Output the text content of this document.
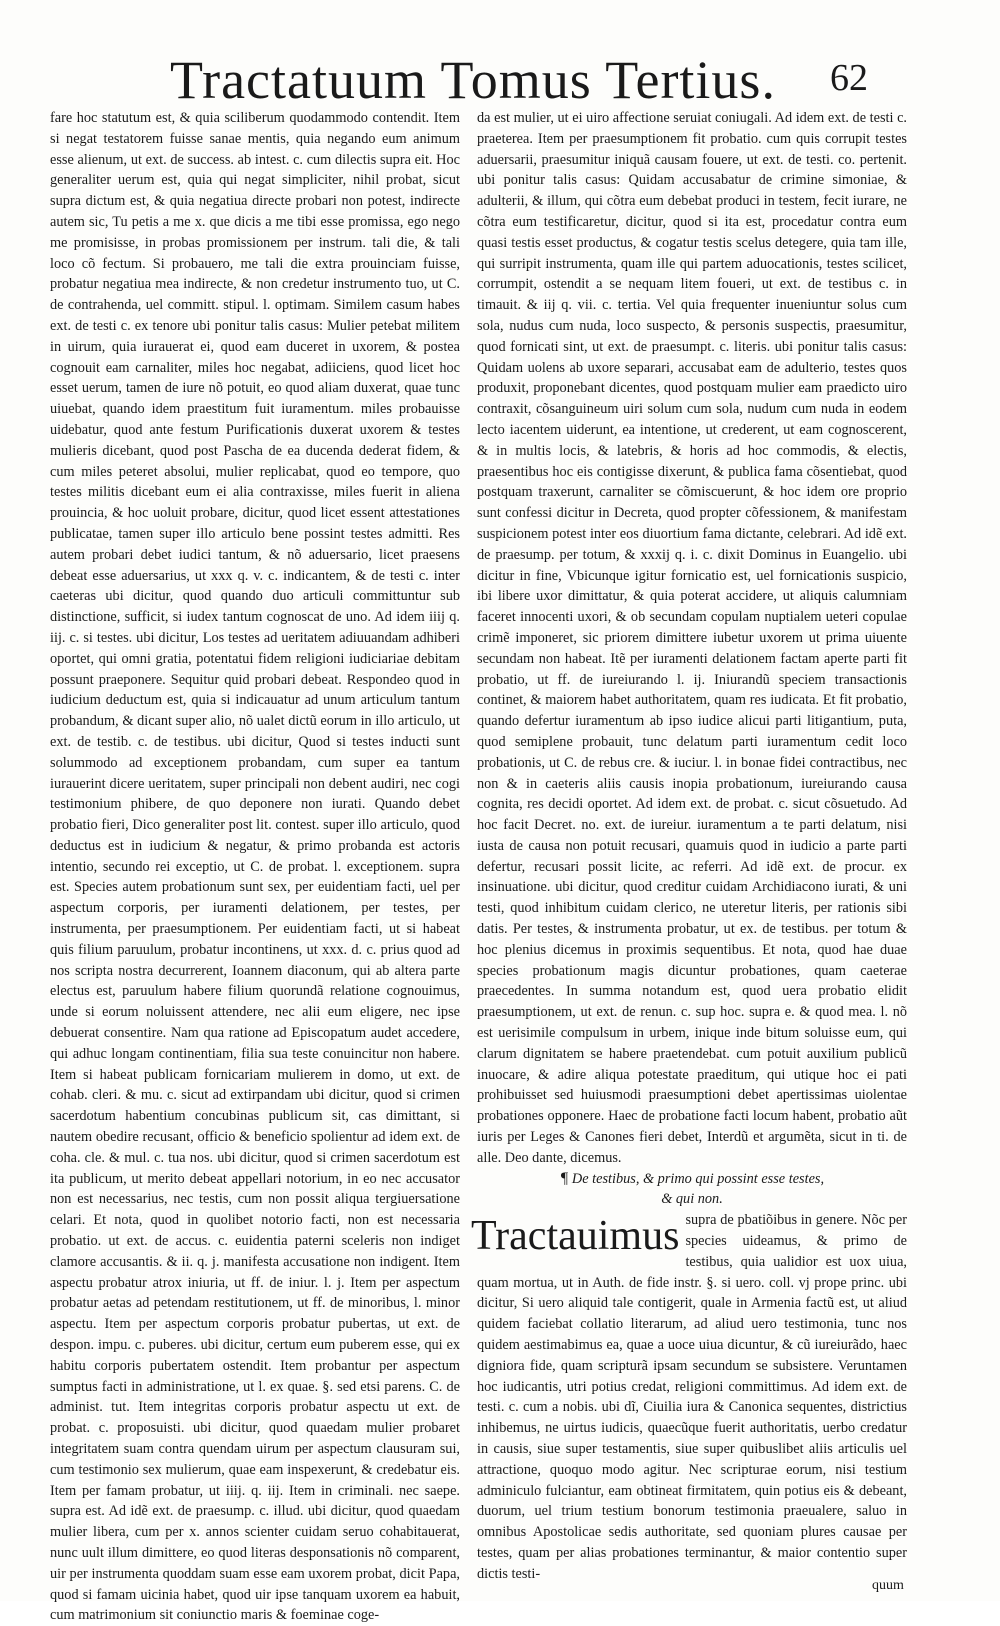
Tractatuum Tomus Tertius. 62

fare hoc statutum est, & quia sciliberum quodammodo contendit. Item si negat testatorem fuisse sanae mentis, quia negando eum animum esse alienum, ut ext. de success. ab intest. c. cum dilectis supra eit. Hoc generaliter uerum est, quia qui negat simpliciter, nihil probat, sicut supra dictum est, & quia negatiua directe probari non potest, indirecte autem sic, Tu petis a me x. que dicis a me tibi esse promissa, ego nego me promisisse, in probas promissionem per instrum. tali die, & tali loco cõ fectum. Si probauero, me tali die extra prouinciam fuisse, probatur negatiua mea indirecte, & non credetur instrumento tuo, ut C. de contrahenda, uel committ. stipul. l. optimam. Similem casum habes ext. de testi c. ex tenore ubi ponitur talis casus: Mulier petebat militem in uirum, quia iurauerat ei, quod eam duceret in uxorem, & postea cognouit eam carnaliter, miles hoc negabat, adiiciens, quod licet hoc esset uerum, tamen de iure nõ potuit, eo quod aliam duxerat, quae tunc uiuebat, quando idem praestitum fuit iuramentum. miles probauisse uidebatur, quod ante festum Purificationis duxerat uxorem & testes mulieris dicebant, quod post Pascha de ea ducenda dederat fidem, & cum miles peteret absolui, mulier replicabat, quod eo tempore, quo testes militis dicebant eum ei alia contraxisse, miles fuerit in aliena prouincia, & hoc uoluit probare, dicitur, quod licet essent attestationes publicatae, tamen super illo articulo bene possint testes admitti. Res autem probari debet iudici tantum, & nõ aduersario, licet praesens debeat esse aduersarius, ut xxx q. v. c. indicantem, & de testi c. inter caeteras ubi dicitur, quod quando duo articuli committuntur sub distinctione, sufficit, si iudex tantum cognoscat de uno. Ad idem iiij q. iij. c. si testes. ubi dicitur, Los testes ad ueritatem adiuuandam adhiberi oportet, qui omni gratia, potentatui fidem religioni iudiciariae debitam possunt praeponere. Sequitur quid probari debeat. Respondeo quod in iudicium deductum est, quia si indicauatur ad unum articulum tantum probandum, & dicant super alio, nõ ualet dictũ eorum in illo articulo, ut ext. de testib. c. de testibus. ubi dicitur, Quod si testes inducti sunt solummodo ad exceptionem probandam, cum super ea tantum iurauerint dicere ueritatem, super principali non debent audiri, nec cogi testimonium phibere, de quo deponere non iurati. Quando debet probatio fieri, Dico generaliter post lit. contest. super illo articulo, quod deductus est in iudicium & negatur, & primo probanda est actoris intentio, secundo rei exceptio, ut C. de probat. l. exceptionem. supra est. Species autem probationum sunt sex, per euidentiam facti, uel per aspectum corporis, per iuramenti delationem, per testes, per instrumenta, per praesumptionem. Per euidentiam facti, ut si habeat quis filium paruulum, probatur incontinens, ut xxx. d. c. prius quod ad nos scripta nostra decurrerent, Ioannem diaconum, qui ab altera parte electus est, paruulum habere filium quorundã relatione cognouimus, unde si eorum noluissent attendere, nec alii eum eligere, nec ipse debuerat consentire. Nam qua ratione ad Episcopatum audet accedere, qui adhuc longam continentiam, filia sua teste conuincitur non habere. Item si habeat publicam fornicariam mulierem in domo, ut ext. de cohab. cleri. & mu. c. sicut ad extirpandam ubi dicitur, quod si crimen sacerdotum habentium concubinas publicum sit, cas dimittant, si nautem obedire recusant, officio & beneficio spolientur ad idem ext. de coha. cle. & mul. c. tua nos. ubi dicitur, quod si crimen sacerdotum est ita publicum, ut merito debeat appellari notorium, in eo nec accusator non est necessarius, nec testis, cum non possit aliqua tergiuersatione celari. Et nota, quod in quolibet notorio facti, non est necessaria probatio. ut ext. de accus. c. euidentia paterni sceleris non indiget clamore accusantis. & ii. q. j. manifesta accusatione non indigent. Item aspectu probatur atrox iniuria, ut ff. de iniur. l. j. Item per aspectum probatur aetas ad petendam restitutionem, ut ff. de minoribus, l. minor aspectu. Item per aspectum corporis probatur pubertas, ut ext. de despon. impu. c. puberes. ubi dicitur, certum eum puberem esse, qui ex habitu corporis pubertatem ostendit. Item probantur per aspectum sumptus facti in administratione, ut l. ex quae. §. sed etsi parens. C. de administ. tut. Item integritas corporis probatur aspectu ut ext. de probat. c. proposuisti. ubi dicitur, quod quaedam mulier probaret integritatem suam contra quendam uirum per aspectum clausuram sui, cum testimonio sex mulierum, quae eam inspexerunt, & credebatur eis. Item per famam probatur, ut iiij. q. iij. Item in criminali. nec saepe. supra est. Ad idẽ ext. de praesump. c. illud. ubi dicitur, quod quaedam mulier libera, cum per x. annos scienter cuidam seruo cohabitauerat, nunc uult illum dimittere, eo quod literas desponsationis nõ comparent, uir per instrumenta quoddam suam esse eam uxorem probat, dicit Papa, quod si famam uicinia habet, quod uir ipse tanquam uxorem ea habuit, cum matrimonium sit coniunctio maris & foeminae coge-

da est mulier, ut ei uiro affectione seruiat coniugali. Ad idem ext. de testi c. praeterea. Item per praesumptionem fit probatio. cum quis corrupit testes aduersarii, praesumitur iniquã causam fouere, ut ext. de testi. co. pertenit. ubi ponitur talis casus: Quidam accusabatur de crimine simoniae, & adulterii, & illum, qui cõtra eum debebat produci in testem, fecit iurare, ne cõtra eum testificaretur, dicitur, quod si ita est, procedatur contra eum quasi testis esset productus, & cogatur testis scelus detegere, quia tam ille, qui surripit instrumenta, quam ille qui partem aduocationis, testes scilicet, corrumpit, ostendit a se nequam litem foueri, ut ext. de testibus c. in timauit. & iij q. vii. c. tertia. Vel quia frequenter inueniuntur solus cum sola, nudus cum nuda, loco suspecto, & personis suspectis, praesumitur, quod fornicati sint, ut ext. de praesumpt. c. literis. ubi ponitur talis casus: Quidam uolens ab uxore separari, accusabat eam de adulterio, testes quos produxit, proponebant dicentes, quod postquam mulier eam praedicto uiro contraxit, cõsanguineum uiri solum cum sola, nudum cum nuda in eodem lecto iacentem uiderunt, ea intentione, ut crederent, ut eam cognoscerent, & in multis locis, & latebris, & horis ad hoc commodis, & electis, praesentibus hoc eis contigisse dixerunt, & publica fama cõsentiebat, quod postquam traxerunt, carnaliter se cõmiscuerunt, & hoc idem ore proprio sunt confessi dicitur in Decreta, quod propter cõfessionem, & manifestam suspicionem potest inter eos diuortium fama dictante, celebrari. Ad idẽ ext. de praesump. per totum, & xxxij q. i. c. dixit Dominus in Euangelio. ubi dicitur in fine, Vbicunque igitur fornicatio est, uel fornicationis suspicio, ibi libere uxor dimittatur, & quia poterat accidere, ut aliquis calumniam faceret innocenti uxori, & ob secundam copulam nuptialem ueteri copulae crimẽ imponeret, sic priorem dimittere iubetur uxorem ut prima uiuente secundam non habeat. Itẽ per iuramenti delationem factam aperte parti fit probatio, ut ff. de iureiurando l. ij. Iniurandũ speciem transactionis continet, & maiorem habet authoritatem, quam res iudicata. Et fit probatio, quando defertur iuramentum ab ipso iudice alicui parti litigantium, puta, quod semiplene probauit, tunc delatum parti iuramentum cedit loco probationis, ut C. de rebus cre. & iuciur. l. in bonae fidei contractibus, nec non & in caeteris aliis causis inopia probationum, iureiurando causa cognita, res decidi oportet. Ad idem ext. de probat. c. sicut cõsuetudo. Ad hoc facit Decret. no. ext. de iureiur. iuramentum a te parti delatum, nisi iusta de causa non potuit recusari, quamuis quod in iudicio a parte parti defertur, recusari possit licite, ac referri. Ad idẽ ext. de procur. ex insinuatione. ubi dicitur, quod creditur cuidam Archidiacono iurati, & uni testi, quod inhibitum cuidam clerico, ne uteretur literis, per rationis sibi datis. Per testes, & instrumenta probatur, ut ex. de testibus. per totum & hoc plenius dicemus in proximis sequentibus. Et nota, quod hae duae species probationum magis dicuntur probationes, quam caeterae praecedentes. In summa notandum est, quod uera probatio elidit praesumptionem, ut ext. de renun. c. sup hoc. supra e. & quod mea. l. nõ est uerisimile compulsum in urbem, inique inde bitum soluisse eum, qui clarum dignitatem se habere praetendebat. cum potuit auxilium publicũ inuocare, & adire aliqua potestate praeditum, qui utique hoc ei pati prohibuisset sed huiusmodi praesumptioni debet apertissimas uiolentae probationes opponere. Haec de probatione facti locum habent, probatio aũt iuris per Leges & Canones fieri debet, Interdũ et argumẽta, sicut in ti. de alle. Deo dante, dicemus.

¶ De testibus, & primo qui possint esse testes,
& qui non.

Tractauimus supra de pbatiõibus in genere. Nõc per species uideamus, & primo de testibus, quia ualidior est uox uiua, quam mortua, ut in Auth. de fide instr. §. si uero. coll. vj prope princ. ubi dicitur, Si uero aliquid tale contigerit, quale in Armenia factũ est, ut aliud quidem faciebat collatio literarum, ad aliud uero testimonia, tunc nos quidem aestimabimus ea, quae a uoce uiua dicuntur, & cũ iureiurãdo, haec digniora fide, quam scripturã ipsam secundum se subsistere. Veruntamen hoc iudicantis, utri potius credat, religioni committimus. Ad idem ext. de testi. c. cum a nobis. ubi dĩ, Ciuilia iura & Canonica sequentes, districtius inhibemus, ne uirtus iudicis, quaecũque fuerit authoritatis, uerbo credatur in causis, siue super testamentis, siue super quibuslibet aliis articulis uel attractione, quoquo modo agitur. Nec scripturae eorum, nisi testium adminiculo fulciantur, eam obtineat firmitatem, quin potius eis & debeant, duorum, uel trium testium bonorum testimonia praeualere, saluo in omnibus Apostolicae sedis authoritate, sed quoniam plures causae per testes, quam per alias probationes terminantur, & maior contentio super dictis testi-

quum
